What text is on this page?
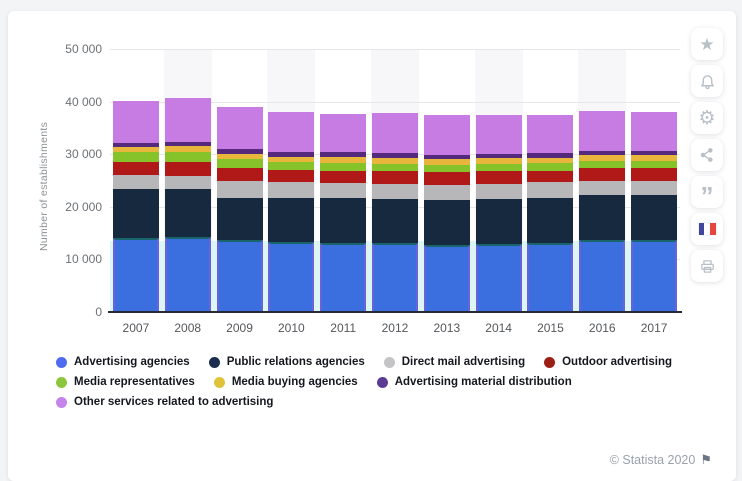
Number of establishments
0
10 000
20 000
30 000
40 000
50 000
2007	2008	2009	2010	2011	2012	2013	2014	2015	2016	2017
Advertising agencies	Public relations agencies	Direct mail advertising	Outdoor advertising
Media representatives	Media buying agencies	Advertising material distribution
Other services related to advertising
© Statista 2020 ⚑
★
⚙
”
